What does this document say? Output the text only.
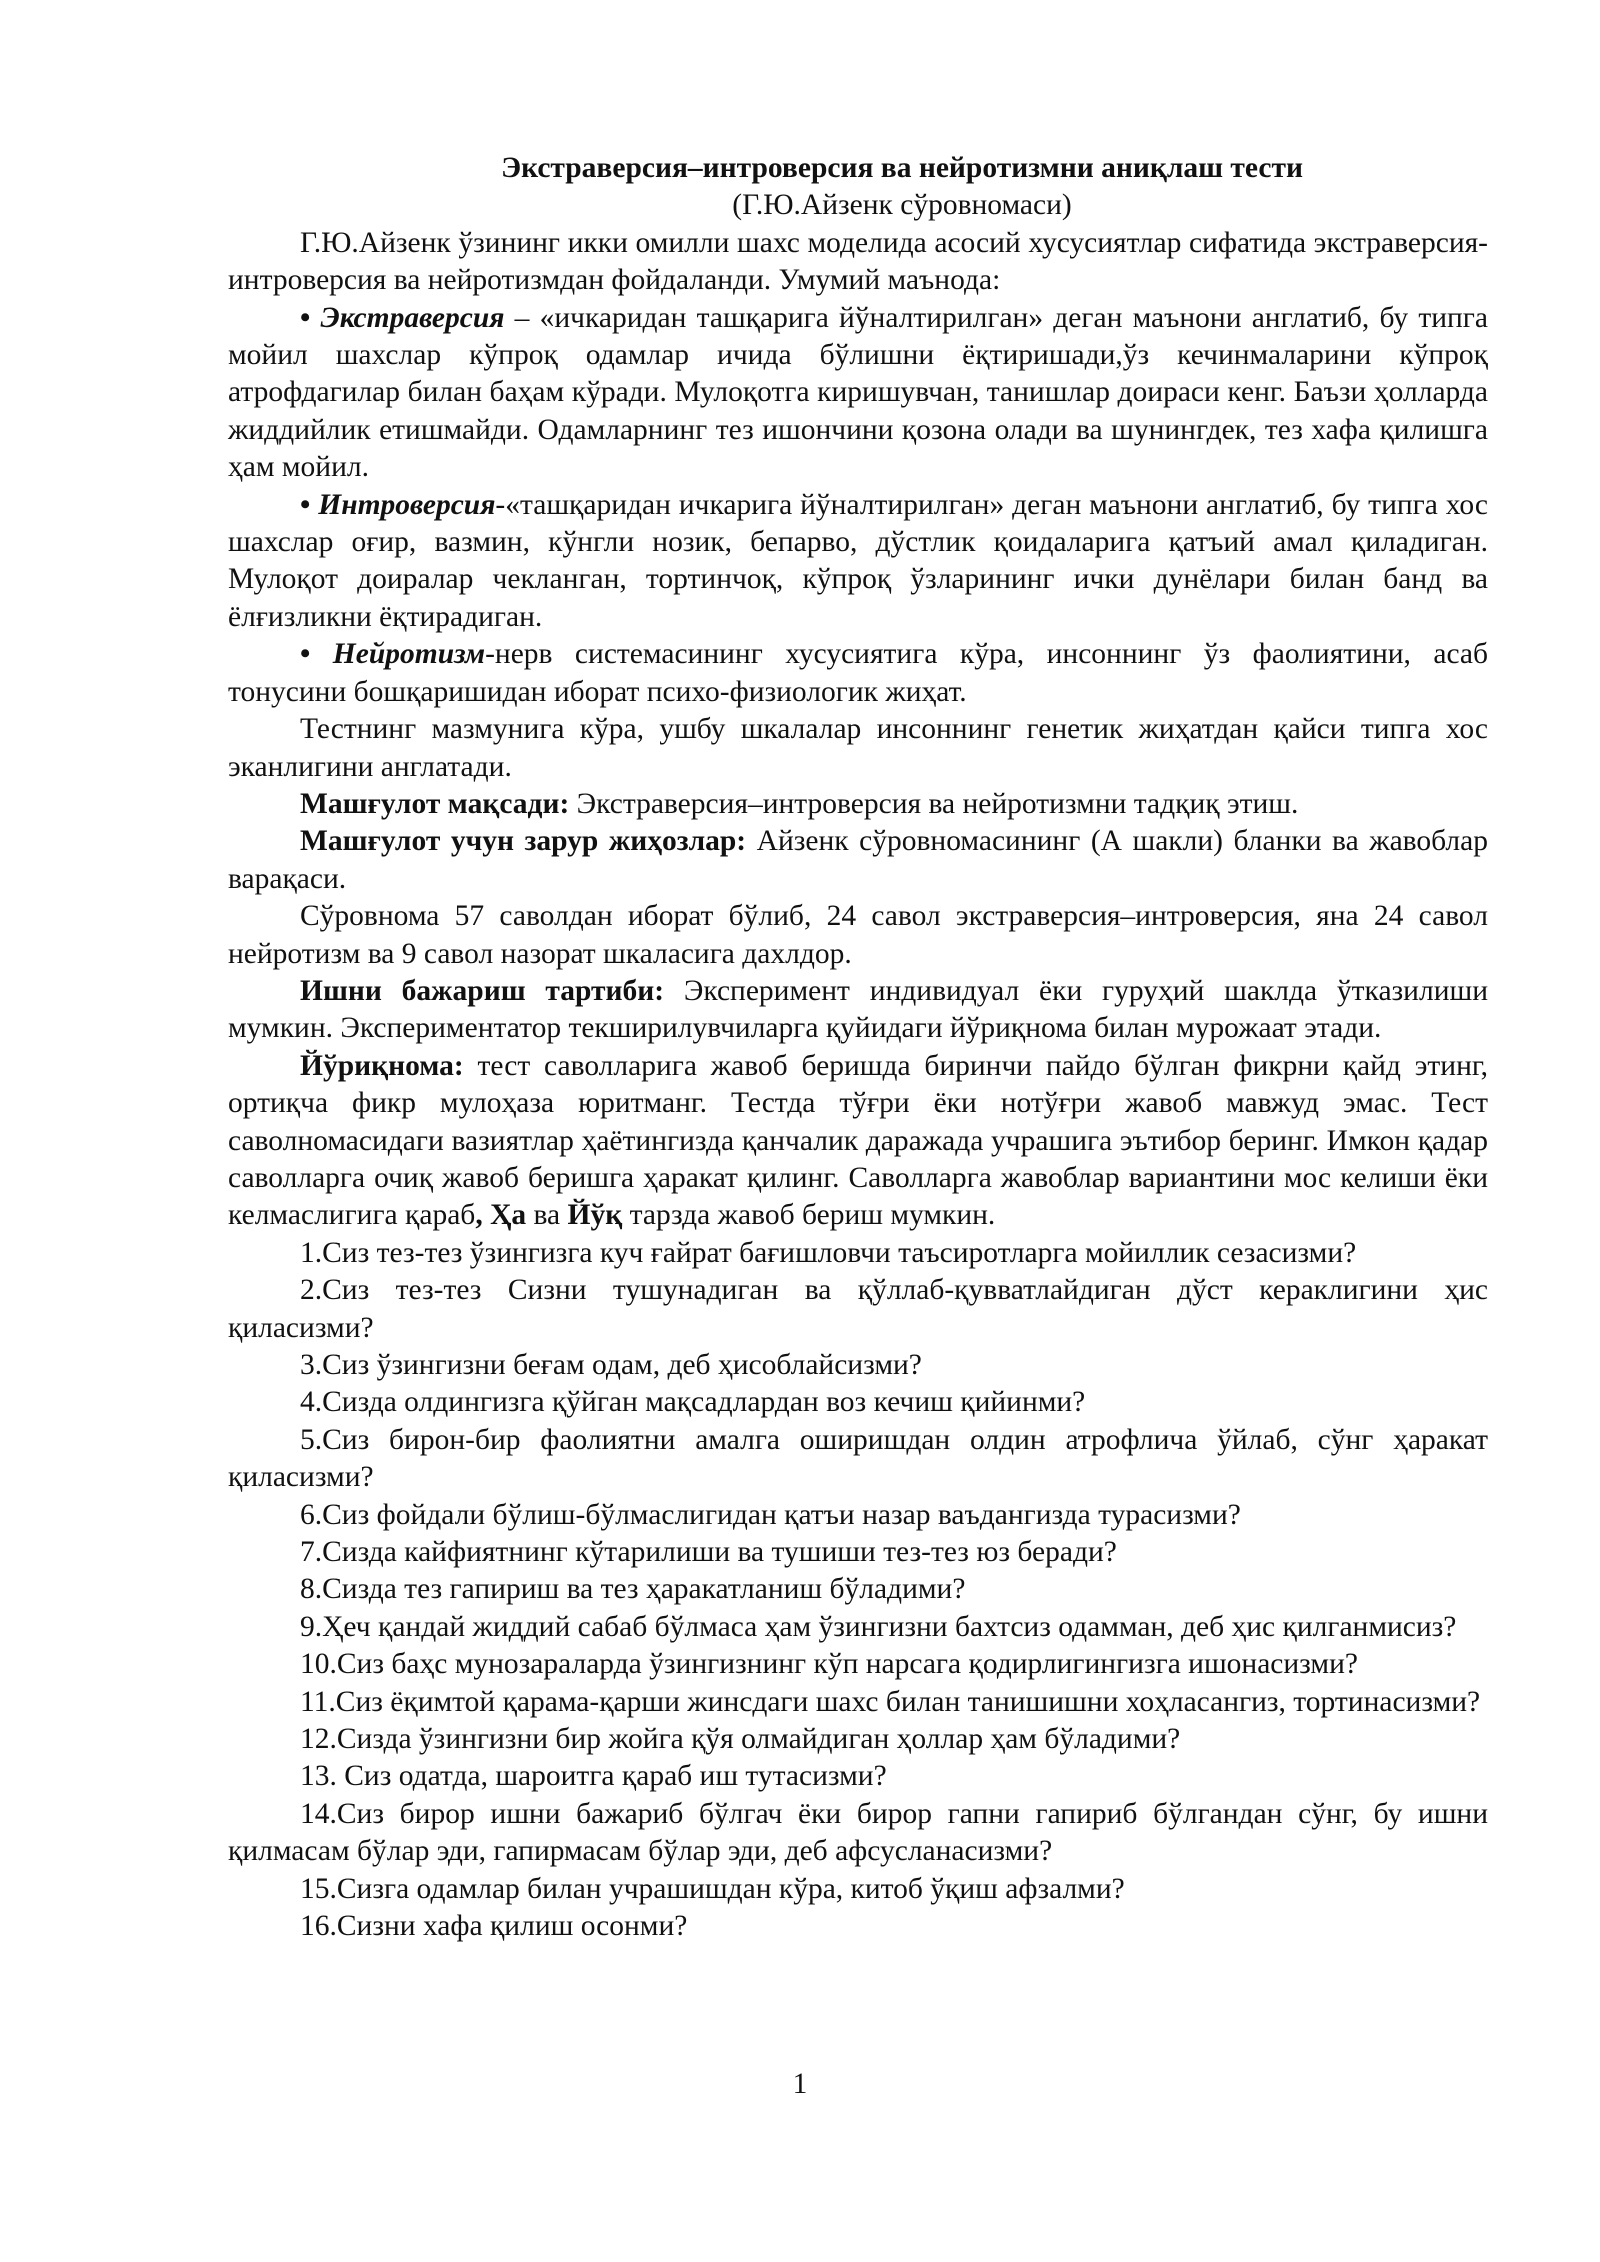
Экстраверсия–интроверсия ва нейротизмни аниқлаш тести
(Г.Ю.Айзенк сўровномаси)

Г.Ю.Айзенк ўзининг икки омилли шахс моделида асосий хусусиятлар сифатида экстраверсия-интроверсия ва нейротизмдан фойдаланди. Умумий маънода:

• Экстраверсия – «ичкаридан ташқарига йўналтирилган» деган маънони англатиб, бу типга мойил шахслар кўпроқ одамлар ичида бўлишни ёқтиришади,ўз кечинмаларини кўпроқ атрофдагилар билан баҳам кўради. Мулоқотга киришувчан, танишлар доираси кенг. Баъзи ҳолларда жиддийлик етишмайди. Одамларнинг тез ишончини қозона олади ва шунингдек, тез хафа қилишга ҳам мойил.

• Интроверсия-«ташқаридан ичкарига йўналтирилган» деган маънони англатиб, бу типга хос шахслар оғир, вазмин, кўнгли нозик, бепарво, дўстлик қоидаларига қатъий амал қиладиган. Мулоқот доиралар чекланган, тортинчоқ, кўпроқ ўзларининг ички дунёлари билан банд ва ёлғизликни ёқтирадиган.

• Нейротизм-нерв системасининг хусусиятига кўра, инсоннинг ўз фаолиятини, асаб тонусини бошқаришидан иборат психо-физиологик жиҳат.

Тестнинг мазмунига кўра, ушбу шкалалар инсоннинг генетик жиҳатдан қайси типга хос эканлигини англатади.

Машғулот мақсади: Экстраверсия–интроверсия ва нейротизмни тадқиқ этиш.

Машғулот учун зарур жиҳозлар: Айзенк сўровномасининг (А шакли) бланки ва жавоблар варақаси.

Сўровнома 57 саволдан иборат бўлиб, 24 савол экстраверсия–интроверсия, яна 24 савол нейротизм ва 9 савол назорат шкаласига дахлдор.

Ишни бажариш тартиби: Эксперимент индивидуал ёки гуруҳий шаклда ўтказилиши мумкин. Экспериментатор текширилувчиларга қуйидаги йўриқнома билан мурожаат этади.

Йўриқнома: тест саволларига жавоб беришда биринчи пайдо бўлган фикрни қайд этинг, ортиқча фикр мулоҳаза юритманг. Тестда тўғри ёки нотўғри жавоб мавжуд эмас. Тест саволномасидаги вазиятлар ҳаётингизда қанчалик даражада учрашига эътибор беринг. Имкон қадар саволларга очиқ жавоб беришга ҳаракат қилинг. Саволларга жавоблар вариантини мос келиши ёки келмаслигига қараб, Ҳа ва Йўқ тарзда жавоб бериш мумкин.

1.Сиз тез-тез ўзингизга куч ғайрат бағишловчи таъсиротларга мойиллик сезасизми?

2.Сиз тез-тез Сизни тушунадиган ва қўллаб-қувватлайдиган дўст кераклигини ҳис қиласизми?

3.Сиз ўзингизни беғам одам, деб ҳисоблайсизми?

4.Сизда олдингизга қўйган мақсадлардан воз кечиш қийинми?

5.Сиз бирон-бир фаолиятни амалга оширишдан олдин атрофлича ўйлаб, сўнг ҳаракат қиласизми?

6.Сиз фойдали бўлиш-бўлмаслигидан қатъи назар ваъдангизда турасизми?

7.Сизда кайфиятнинг кўтарилиши ва тушиши тез-тез юз беради?

8.Сизда тез гапириш ва тез ҳаракатланиш бўладими?

9.Ҳеч қандай жиддий сабаб бўлмаса ҳам ўзингизни бахтсиз одамман, деб ҳис қилганмисиз?

10.Сиз баҳс мунозараларда ўзингизнинг кўп нарсага қодирлигингизга ишонасизми?

11.Сиз ёқимтой қарама-қарши жинсдаги шахс билан танишишни хоҳласангиз, тортинасизми?

12.Сизда ўзингизни бир жойга қўя олмайдиган ҳоллар ҳам бўладими?

13. Сиз одатда, шароитга қараб иш тутасизми?

14.Сиз бирор ишни бажариб бўлгач ёки бирор гапни гапириб бўлгандан сўнг, бу ишни қилмасам бўлар эди, гапирмасам бўлар эди, деб афсусланасизми?

15.Сизга одамлар билан учрашишдан кўра, китоб ўқиш афзалми?

16.Сизни хафа қилиш осонми?

1
